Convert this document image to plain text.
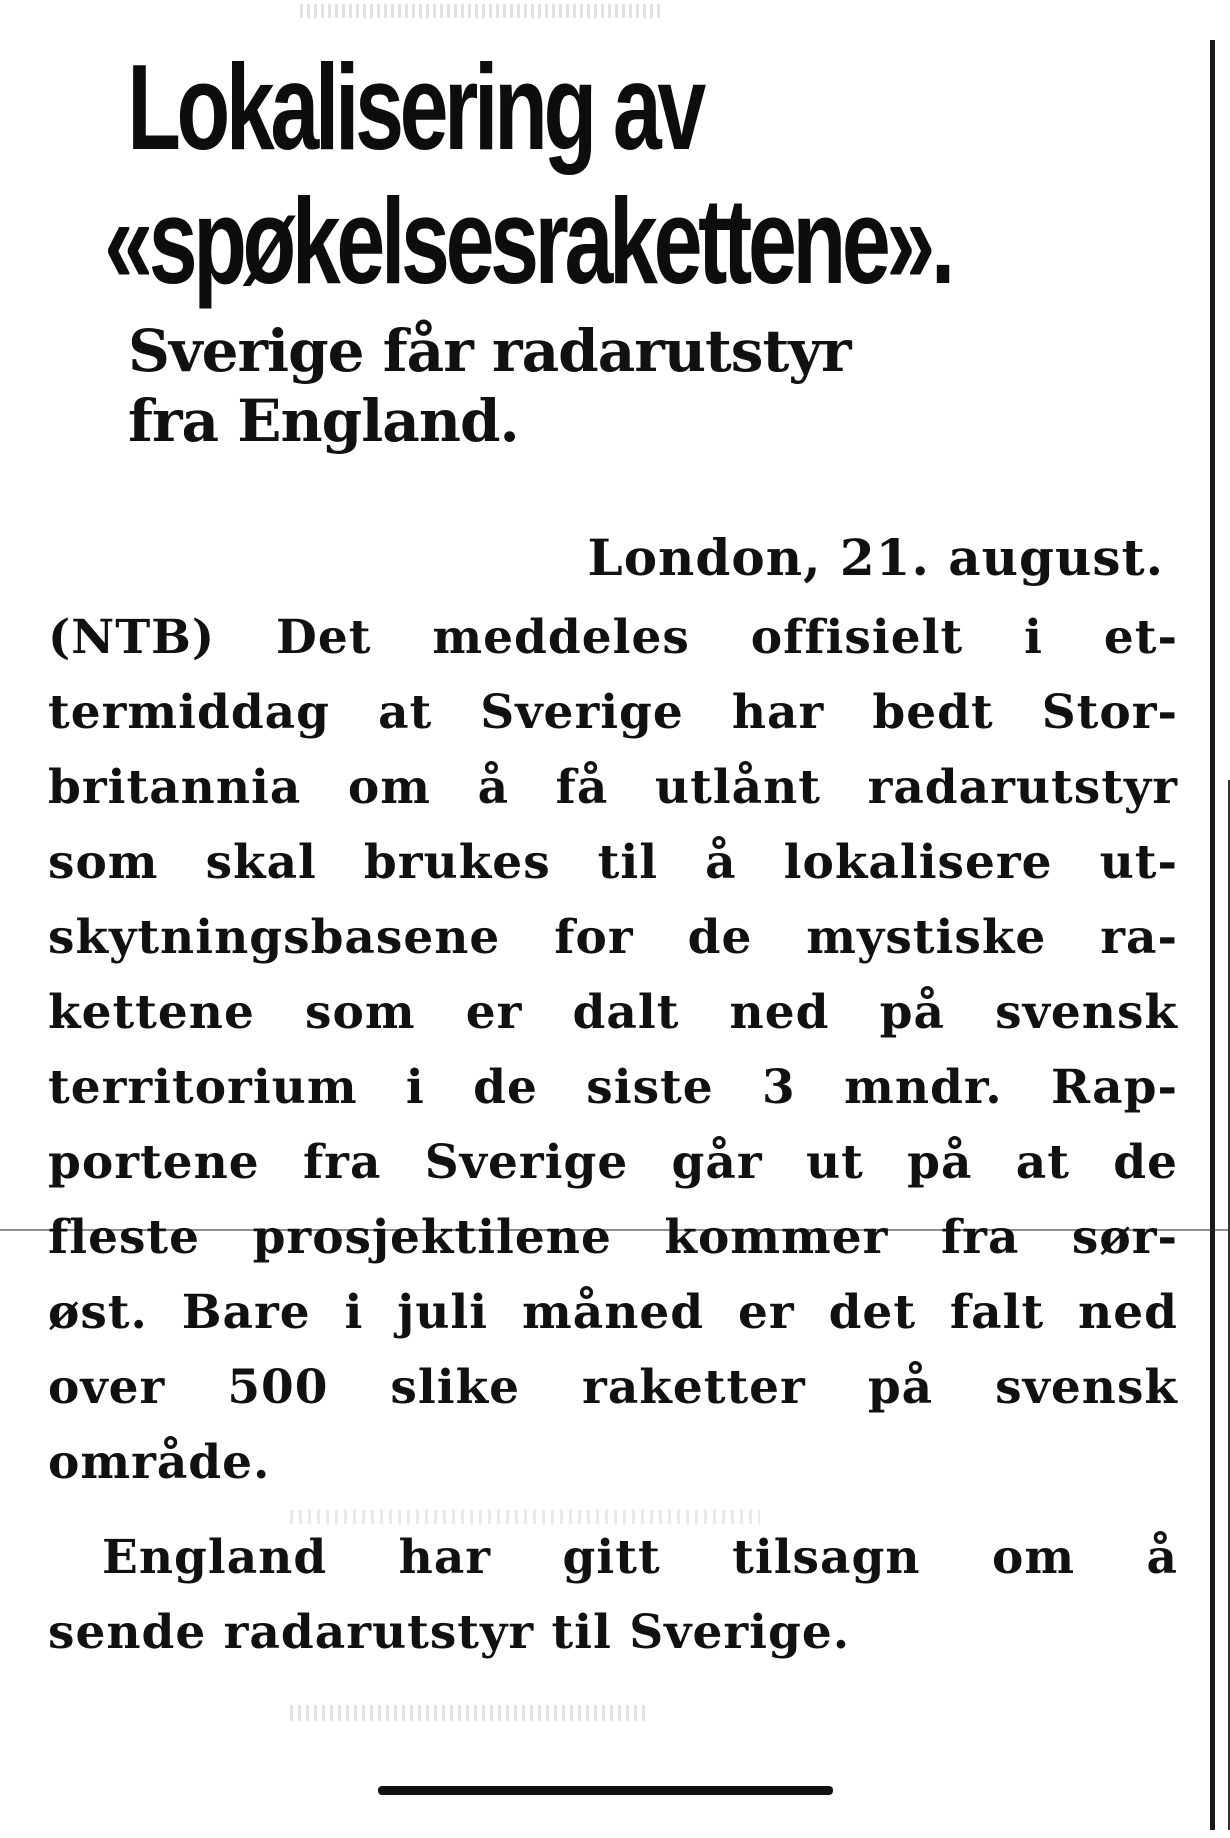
Lokalisering av
«spøkelsesrakettene».
Sverige får radarutstyr
fra England.
London, 21. august.
(NTB) Det meddeles offisielt i et-
termiddag at Sverige har bedt Stor-
britannia om å få utlånt radarutstyr
som skal brukes til å lokalisere ut-
skytningsbasene for de mystiske ra-
kettene som er dalt ned på svensk
territorium i de siste 3 mndr. Rap-
portene fra Sverige går ut på at de
fleste prosjektilene kommer fra sør-
øst. Bare i juli måned er det falt ned
over 500 slike raketter på svensk
område.
England har gitt tilsagn om å
sende radarutstyr til Sverige.
